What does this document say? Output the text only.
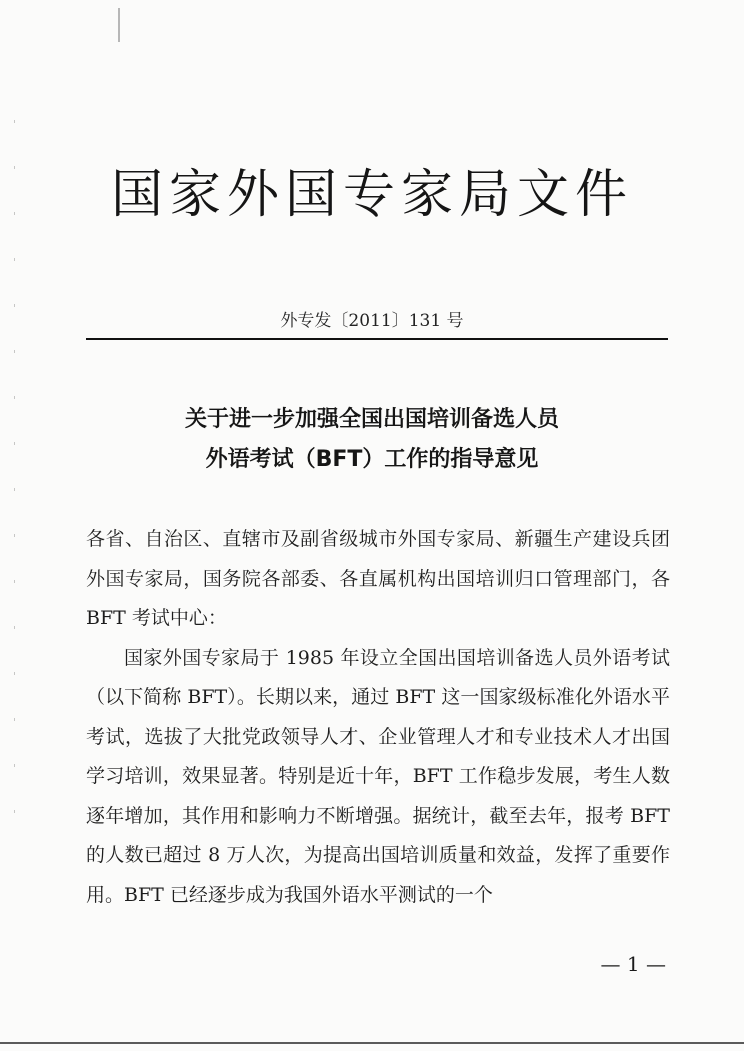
国家外国专家局文件
外专发〔2011〕131 号
关于进一步加强全国出国培训备选人员
外语考试（BFT）工作的指导意见

各省、自治区、直辖市及副省级城市外国专家局、新疆生产建设兵团外国专家局，国务院各部委、各直属机构出国培训归口管理部门，各 BFT 考试中心：

国家外国专家局于 1985 年设立全国出国培训备选人员外语考试（以下简称 BFT）。长期以来，通过 BFT 这一国家级标准化外语水平考试，选拔了大批党政领导人才、企业管理人才和专业技术人才出国学习培训，效果显著。特别是近十年，BFT 工作稳步发展，考生人数逐年增加，其作用和影响力不断增强。据统计，截至去年，报考 BFT 的人数已超过 8 万人次，为提高出国培训质量和效益，发挥了重要作用。BFT 已经逐步成为我国外语水平测试的一个

— 1 —
